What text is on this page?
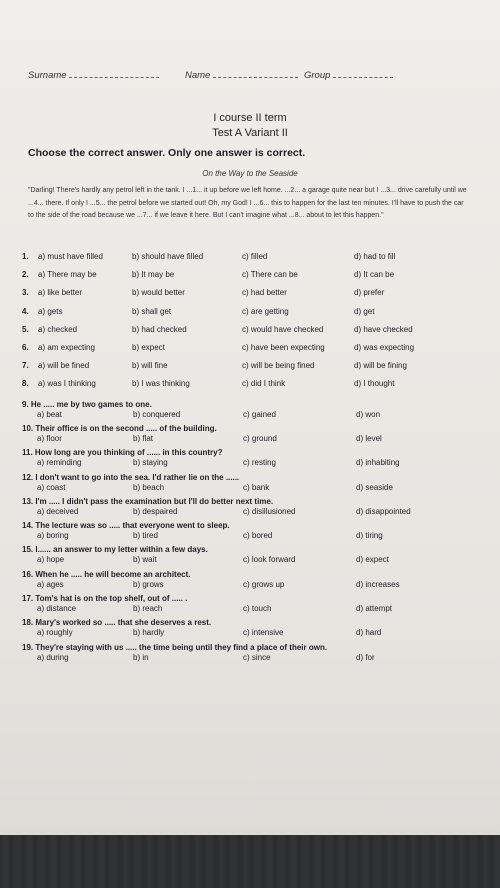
Surname	Name	Group
I course II term
Test A Variant II
Choose the correct answer. Only one answer is correct.
On the Way to the Seaside
"Darling! There's hardly any petrol left in the tank. I ...1... it up before we left home. ...2... a garage quite near but I ...3... drive carefully until we ...4... there. If only I ...5... the petrol before we started out! Oh, my God! I ...6... this to happen for the last ten minutes. I'll have to push the car to the side of the road because we ...7... if we leave it here. But I can't imagine what ...8... about to let this happen."
1. a) must have filled	b) should have filled	c) filled	d) had to fill
2. a) There may be	b) It may be	c) There can be	d) It can be
3. a) like better	b) would better	c) had better	d) prefer
4. a) gets	b) shall get	c) are getting	d) get
5. a) checked	b) had checked	c) would have checked	d) have checked
6. a) am expecting	b) expect	c) have been expecting	d) was expecting
7. a) will be fined	b) will fine	c) will be being fined	d) will be fining
8. a) was I thinking	b) I was thinking	c) did I think	d) I thought
9. He ..... me by two games to one.
a) beat	b) conquered	c) gained	d) won
10. Their office is on the second ..... of the building.
a) floor	b) flat	c) ground	d) level
11. How long are you thinking of ...... in this country?
a) reminding	b) staying	c) resting	d) inhabiting
12. I don't want to go into the sea. I'd rather lie on the ......
a) coast	b) beach	c) bank	d) seaside
13. I'm ..... I didn't pass the examination but I'll do better next time.
a) deceived	b) despaired	c) disillusioned	d) disappointed
14. The lecture was so ..... that everyone went to sleep.
a) boring	b) tired	c) bored	d) tiring
15. I...... an answer to my letter within a few days.
a) hope	b) wait	c) look forward	d) expect
16. When he ..... he will become an architect.
a) ages	b) grows	c) grows up	d) increases
17. Tom's hat is on the top shelf, out of ..... .
a) distance	b) reach	c) touch	d) attempt
18. Mary's worked so ..... that she deserves a rest.
a) roughly	b) hardly	c) intensive	d) hard
19. They're staying with us ..... the time being until they find a place of their own.
a) during	b) in	c) since	d) for
